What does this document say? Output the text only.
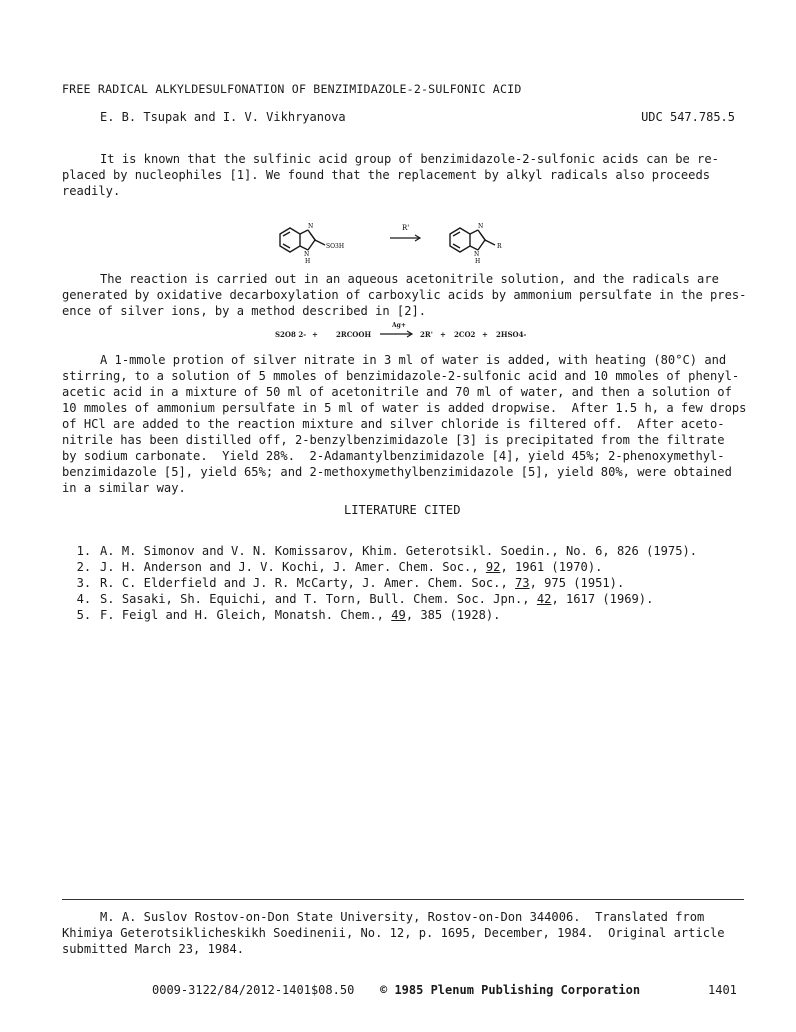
FREE RADICAL ALKYLDESULFONATION OF BENZIMIDAZOLE-2-SULFONIC ACID
E. B. Tsupak and I. V. Vikhryanova	UDC 547.785.5
It is known that the sulfinic acid group of benzimidazole-2-sulfonic acids can be re-
placed by nucleophiles [1]. We found that the replacement by alkyl radicals also proceeds
readily.
N
N
H
SO3H
R'	N
N
H
R
The reaction is carried out in an aqueous acetonitrile solution, and the radicals are
generated by oxidative decarboxylation of carboxylic acids by ammonium persulfate in the pres-
ence of silver ions, by a method described in [2].
S2O8 2- +	2RCOOH
Ag+
2R' + 2CO2 + 2HSO4-
A 1-mmole protion of silver nitrate in 3 ml of water is added, with heating (80°C) and
stirring, to a solution of 5 mmoles of benzimidazole-2-sulfonic acid and 10 mmoles of phenyl-
acetic acid in a mixture of 50 ml of acetonitrile and 70 ml of water, and then a solution of
10 mmoles of ammonium persulfate in 5 ml of water is added dropwise.  After 1.5 h, a few drops
of HCl are added to the reaction mixture and silver chloride is filtered off.  After aceto-
nitrile has been distilled off, 2-benzylbenzimidazole [3] is precipitated from the filtrate
by sodium carbonate.  Yield 28%.  2-Adamantylbenzimidazole [4], yield 45%; 2-phenoxymethyl-
benzimidazole [5], yield 65%; and 2-methoxymethylbenzimidazole [5], yield 80%, were obtained
in a similar way.
LITERATURE CITED

1. A. M. Simonov and V. N. Komissarov, Khim. Geterotsikl. Soedin., No. 6, 826 (1975).

2. J. H. Anderson and J. V. Kochi, J. Amer. Chem. Soc., 92, 1961 (1970).

3. R. C. Elderfield and J. R. McCarty, J. Amer. Chem. Soc., 73, 975 (1951).

4. S. Sasaki, Sh. Equichi, and T. Torn, Bull. Chem. Soc. Jpn., 42, 1617 (1969).

5. F. Feigl and H. Gleich, Monatsh. Chem., 49, 385 (1928).

M. A. Suslov Rostov-on-Don State University, Rostov-on-Don 344006.  Translated from
Khimiya Geterotsiklicheskikh Soedinenii, No. 12, p. 1695, December, 1984.  Original article
submitted March 23, 1984.
0009-3122/84/2012-1401$08.50 © 1985 Plenum Publishing Corporation	1401
